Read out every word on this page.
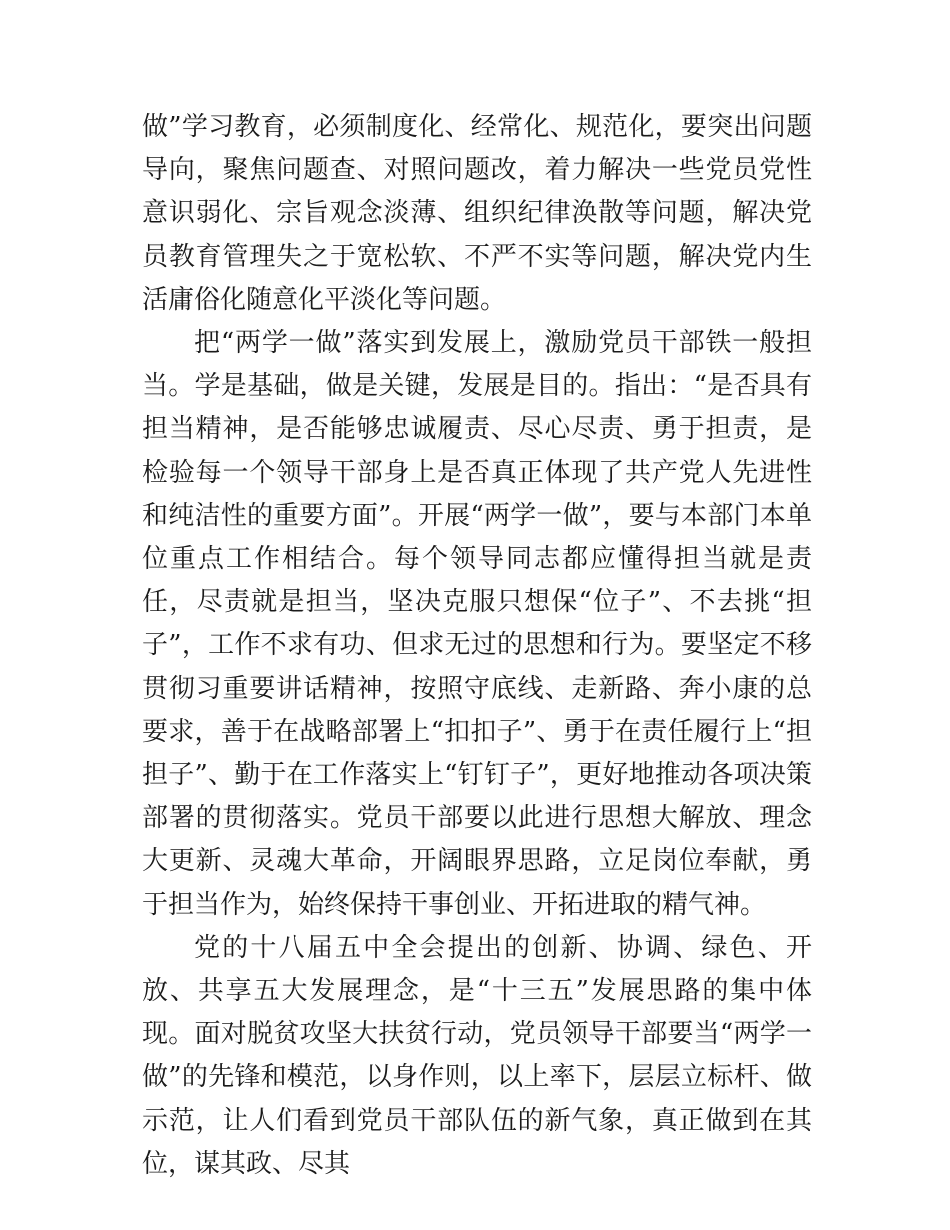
做”学习教育，必须制度化、经常化、规范化，要突出问题导向，聚焦问题查、对照问题改，着力解决一些党员党性意识弱化、宗旨观念淡薄、组织纪律涣散等问题，解决党员教育管理失之于宽松软、不严不实等问题，解决党内生活庸俗化随意化平淡化等问题。

把“两学一做”落实到发展上，激励党员干部铁一般担当。学是基础，做是关键，发展是目的。指出：“是否具有担当精神，是否能够忠诚履责、尽心尽责、勇于担责，是检验每一个领导干部身上是否真正体现了共产党人先进性和纯洁性的重要方面”。开展“两学一做”，要与本部门本单位重点工作相结合。每个领导同志都应懂得担当就是责任，尽责就是担当，坚决克服只想保“位子”、不去挑“担子”，工作不求有功、但求无过的思想和行为。要坚定不移贯彻习重要讲话精神，按照守底线、走新路、奔小康的总要求，善于在战略部署上“扣扣子”、勇于在责任履行上“担担子”、勤于在工作落实上“钉钉子”，更好地推动各项决策部署的贯彻落实。党员干部要以此进行思想大解放、理念大更新、灵魂大革命，开阔眼界思路，立足岗位奉献，勇于担当作为，始终保持干事创业、开拓进取的精气神。

党的十八届五中全会提出的创新、协调、绿色、开放、共享五大发展理念，是“十三五”发展思路的集中体现。面对脱贫攻坚大扶贫行动，党员领导干部要当“两学一做”的先锋和模范，以身作则，以上率下，层层立标杆、做示范，让人们看到党员干部队伍的新气象，真正做到在其位，谋其政、尽其
